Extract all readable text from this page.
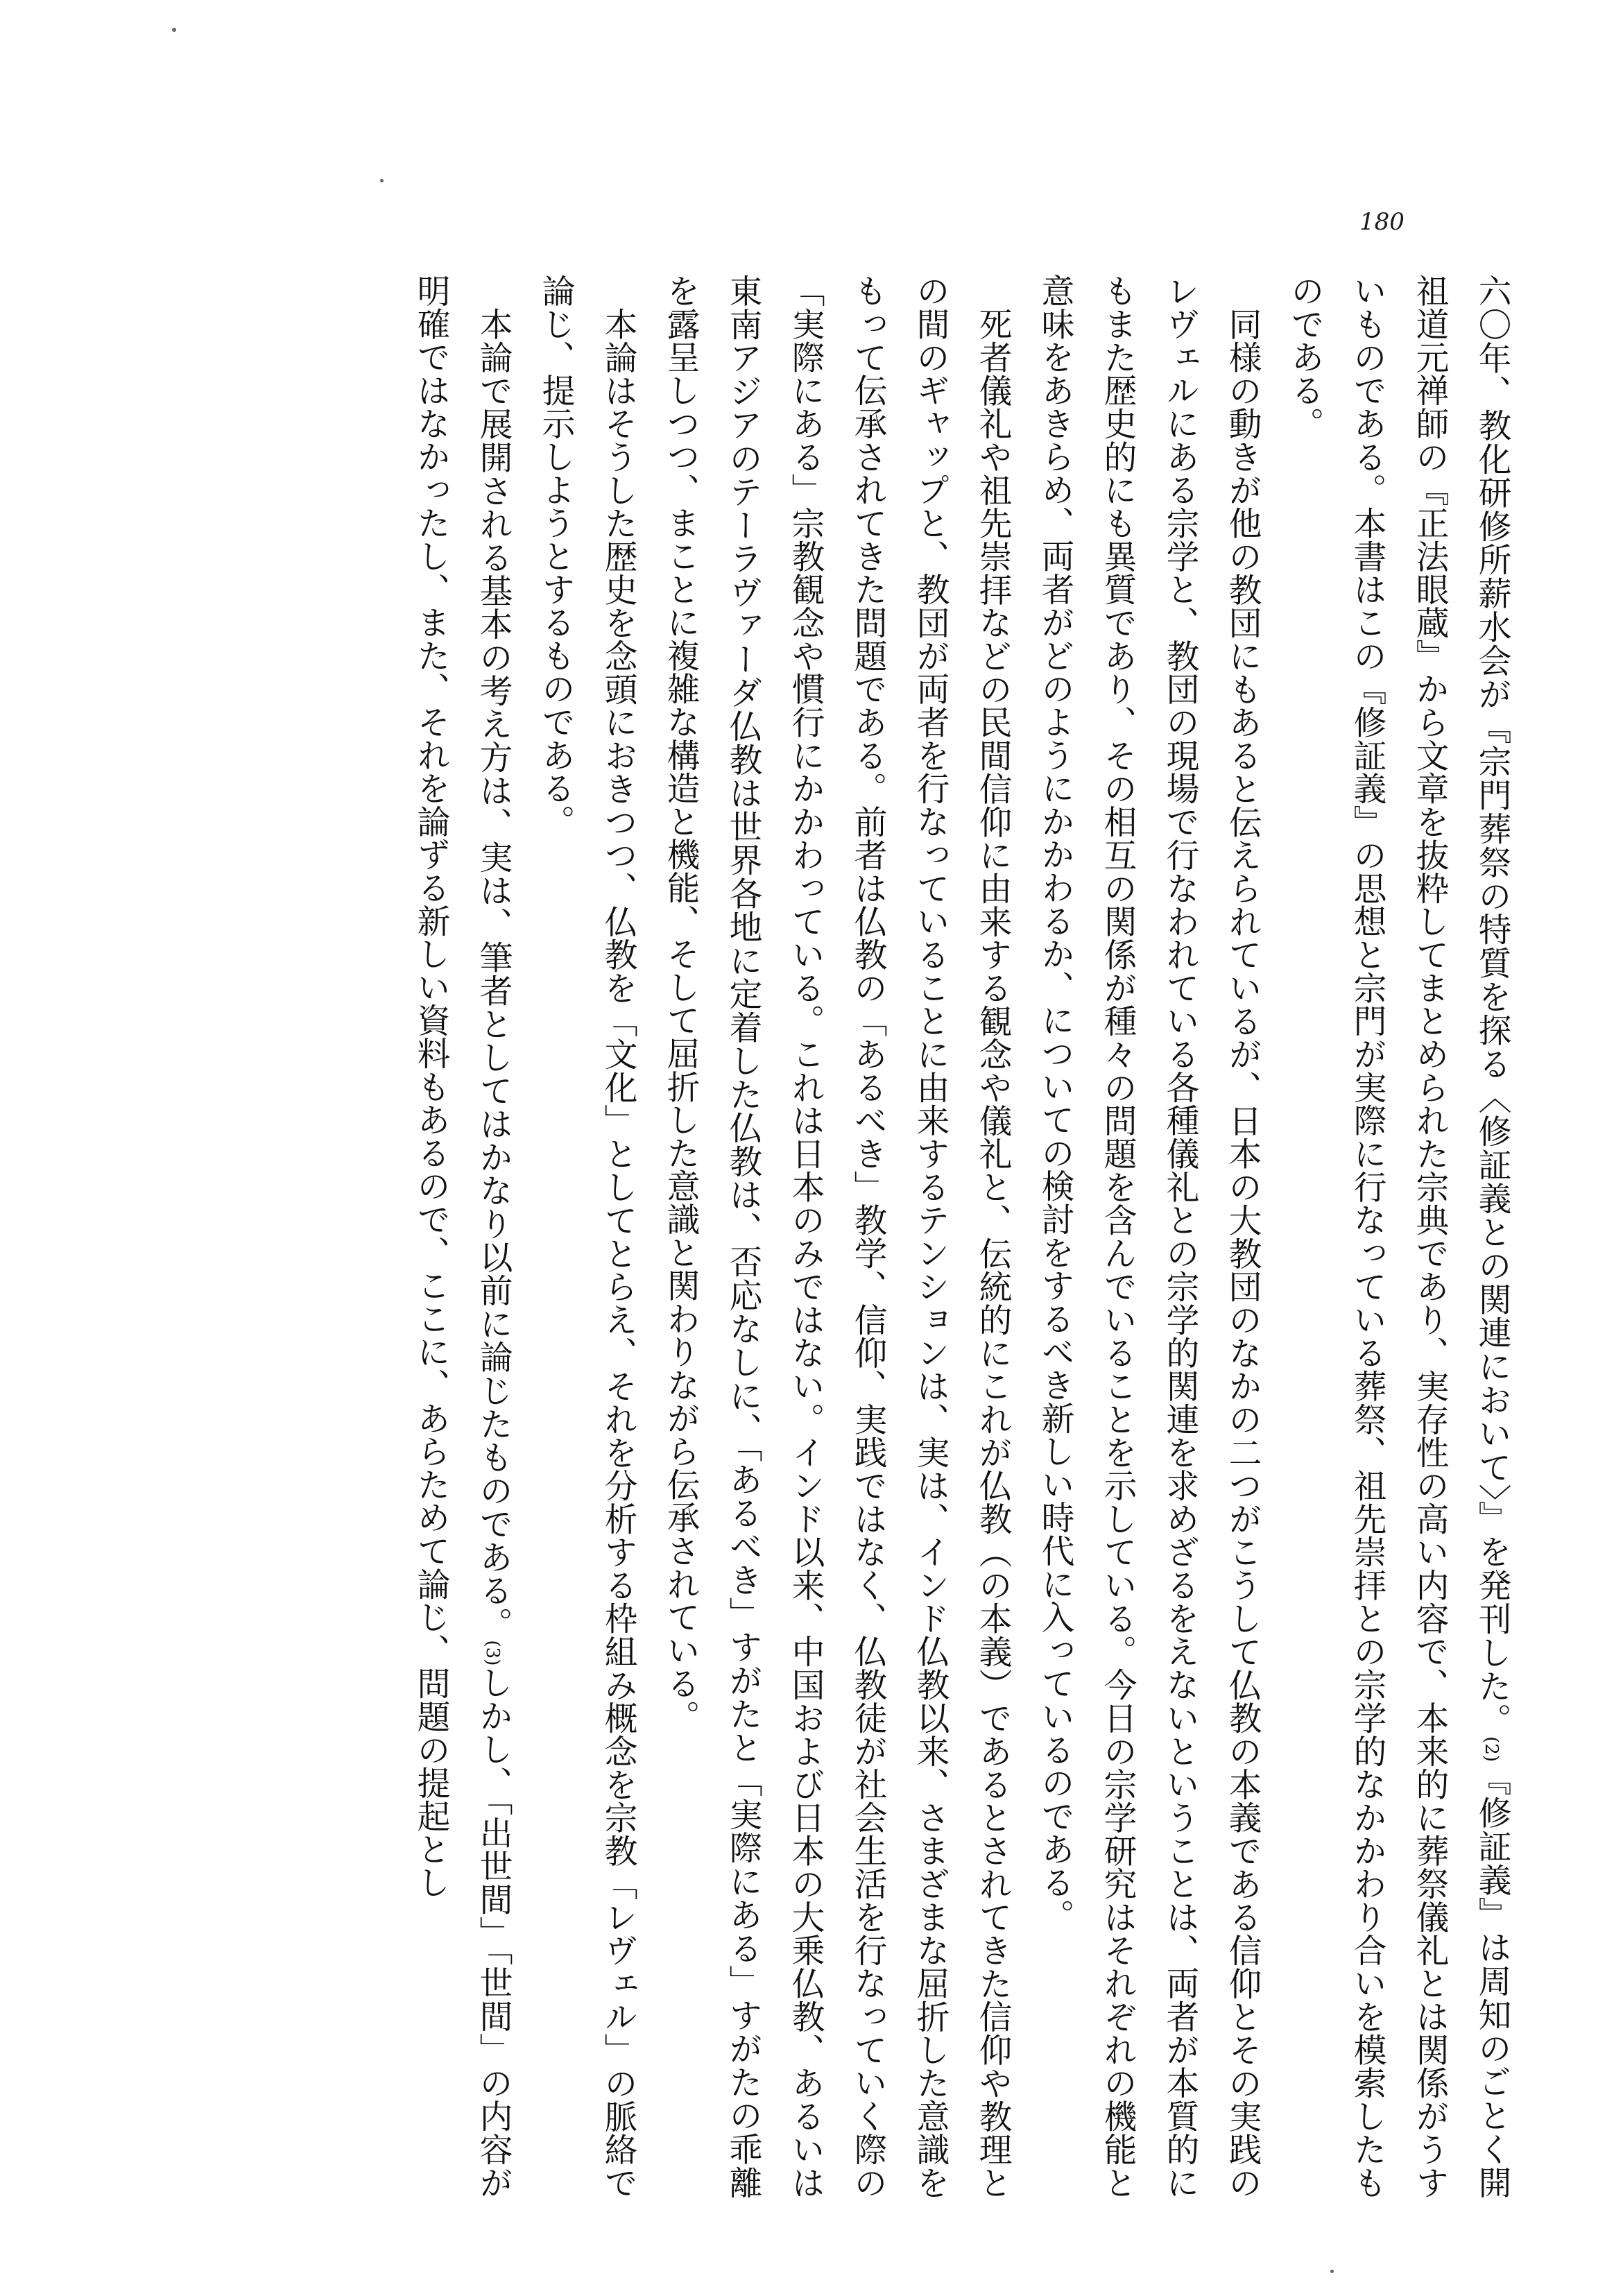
180

六〇年、教化研修所薪水会が『宗門葬祭の特質を探る〈修証義との関連において〉』を発刊した。(2)『修証義』は周知のごとく開祖道元禅師の『正法眼蔵』から文章を抜粋してまとめられた宗典であり、実存性の高い内容で、本来的に葬祭儀礼とは関係がうすいものである。本書はこの『修証義』の思想と宗門が実際に行なっている葬祭、祖先崇拝との宗学的なかかわり合いを模索したものである。

同様の動きが他の教団にもあると伝えられているが、日本の大教団のなかの二つがこうして仏教の本義である信仰とその実践のレヴェルにある宗学と、教団の現場で行なわれている各種儀礼との宗学的関連を求めざるをえないということは、両者が本質的にもまた歴史的にも異質であり、その相互の関係が種々の問題を含んでいることを示している。今日の宗学研究はそれぞれの機能と意味をあきらめ、両者がどのようにかかわるか、についての検討をするべき新しい時代に入っているのである。

死者儀礼や祖先崇拝などの民間信仰に由来する観念や儀礼と、伝統的にこれが仏教（の本義）であるとされてきた信仰や教理との間のギャップと、教団が両者を行なっていることに由来するテンションは、実は、インド仏教以来、さまざまな屈折した意識をもって伝承されてきた問題である。前者は仏教の「あるべき」教学、信仰、実践ではなく、仏教徒が社会生活を行なっていく際の「実際にある」宗教観念や慣行にかかわっている。これは日本のみではない。インド以来、中国および日本の大乗仏教、あるいは東南アジアのテーラヴァーダ仏教は世界各地に定着した仏教は、否応なしに、「あるべき」すがたと「実際にある」すがたの乖離を露呈しつつ、まことに複雑な構造と機能、そして屈折した意識と関わりながら伝承されている。

本論はそうした歴史を念頭におきつつ、仏教を「文化」としてとらえ、それを分析する枠組み概念を宗教「レヴェル」の脈絡で論じ、提示しようとするものである。

本論で展開される基本の考え方は、実は、筆者としてはかなり以前に論じたものである。(3)しかし、「出世間」「世間」の内容が明確ではなかったし、また、それを論ずる新しい資料もあるので、ここに、あらためて論じ、問題の提起とし
